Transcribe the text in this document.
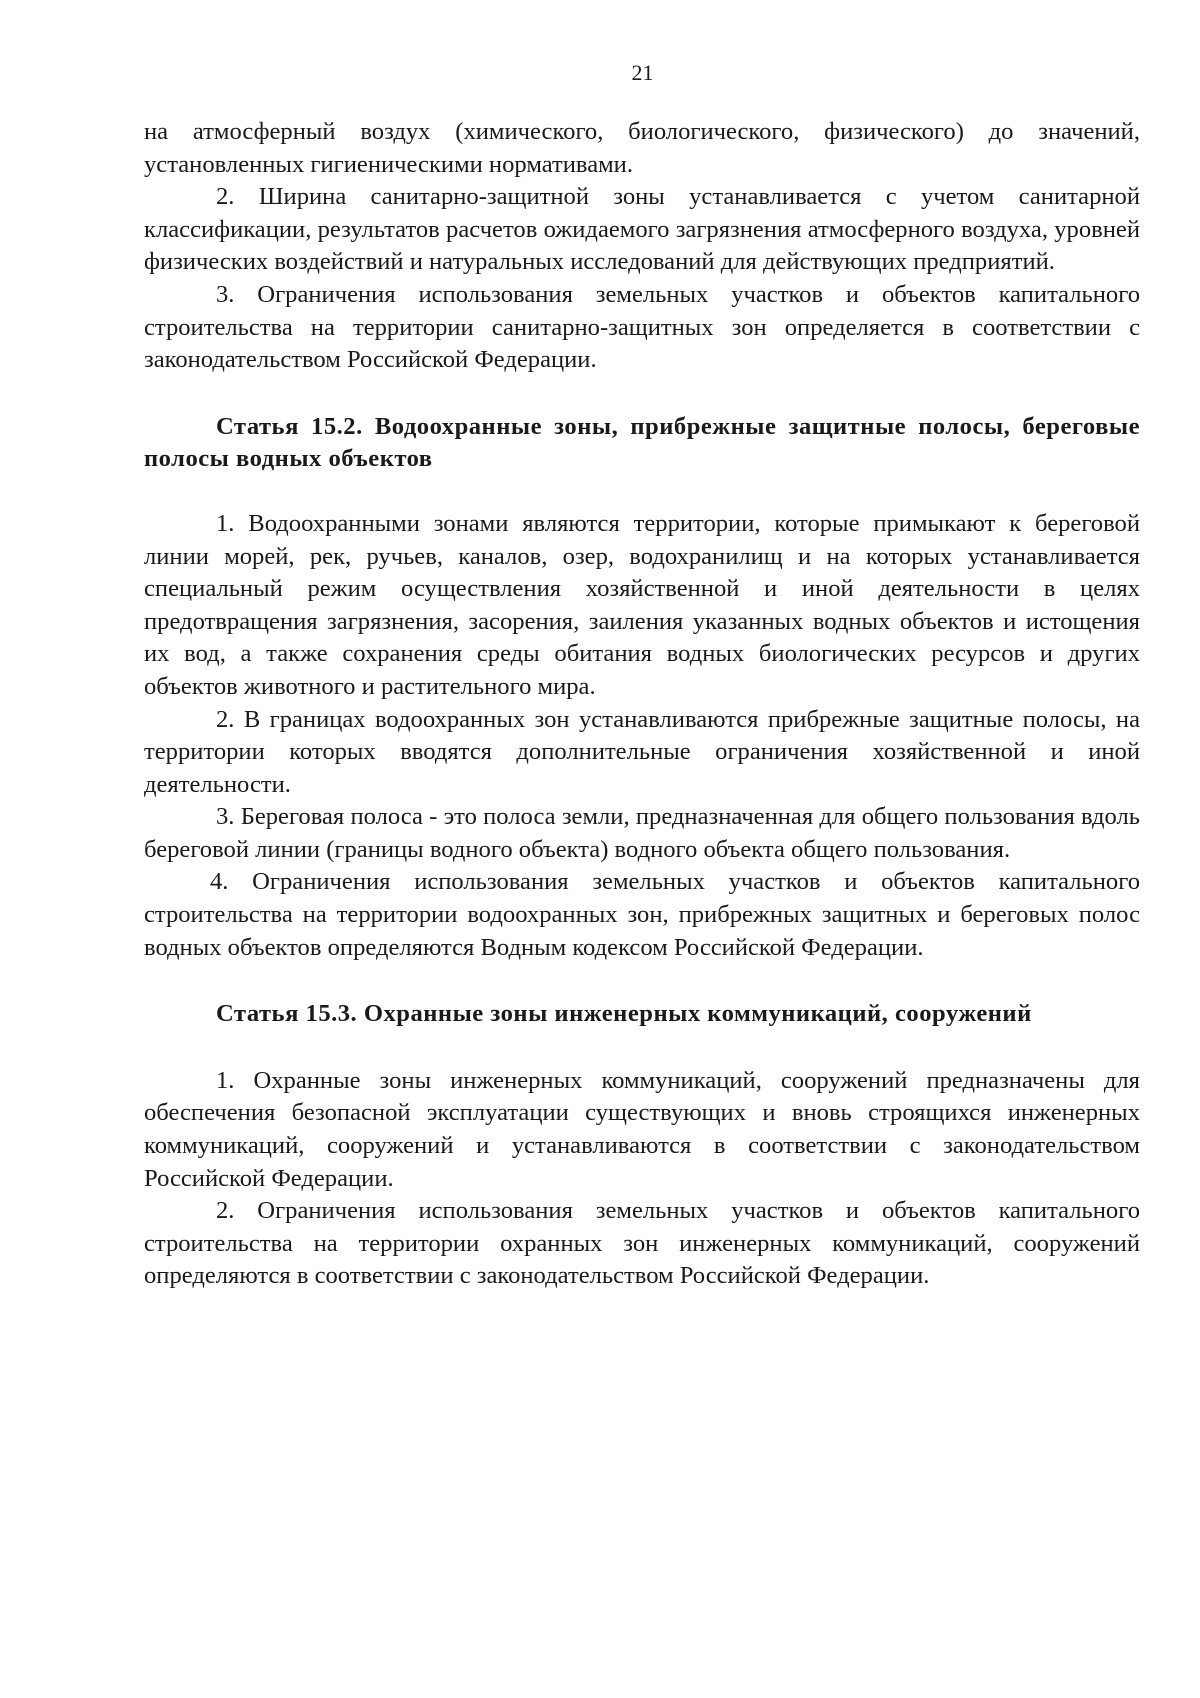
21

на атмосферный воздух (химического, биологического, физического) до значений, установленных гигиеническими нормативами.

2. Ширина санитарно-защитной зоны устанавливается с учетом санитарной классификации, результатов расчетов ожидаемого загрязнения атмосферного воздуха, уровней физических воздействий и натуральных исследований для действующих предприятий.

3. Ограничения использования земельных участков и объектов капитального строительства на территории санитарно-защитных зон определяется в соответствии с законодательством Российской Федерации.

Статья 15.2. Водоохранные зоны, прибрежные защитные полосы, береговые полосы водных объектов

1. Водоохранными зонами являются территории, которые примыкают к береговой линии морей, рек, ручьев, каналов, озер, водохранилищ и на которых устанавливается специальный режим осуществления хозяйственной и иной деятельности в целях предотвращения загрязнения, засорения, заиления указанных водных объектов и истощения их вод, а также сохранения среды обитания водных биологических ресурсов и других объектов животного и растительного мира.

2. В границах водоохранных зон устанавливаются прибрежные защитные полосы, на территории которых вводятся дополнительные ограничения хозяйственной и иной деятельности.

3. Береговая полоса - это полоса земли, предназначенная для общего пользования вдоль береговой линии (границы водного объекта) водного объекта общего пользования.

4. Ограничения использования земельных участков и объектов капитального строительства на территории водоохранных зон, прибрежных защитных и береговых полос водных объектов определяются Водным кодексом Российской Федерации.

Статья 15.3. Охранные зоны инженерных коммуникаций, сооружений

1. Охранные зоны инженерных коммуникаций, сооружений предназначены для обеспечения безопасной эксплуатации существующих и вновь строящихся инженерных коммуникаций, сооружений и устанавливаются в соответствии с законодательством Российской Федерации.

2. Ограничения использования земельных участков и объектов капитального строительства на территории охранных зон инженерных коммуникаций, сооружений определяются в соответствии с законодательством Российской Федерации.
